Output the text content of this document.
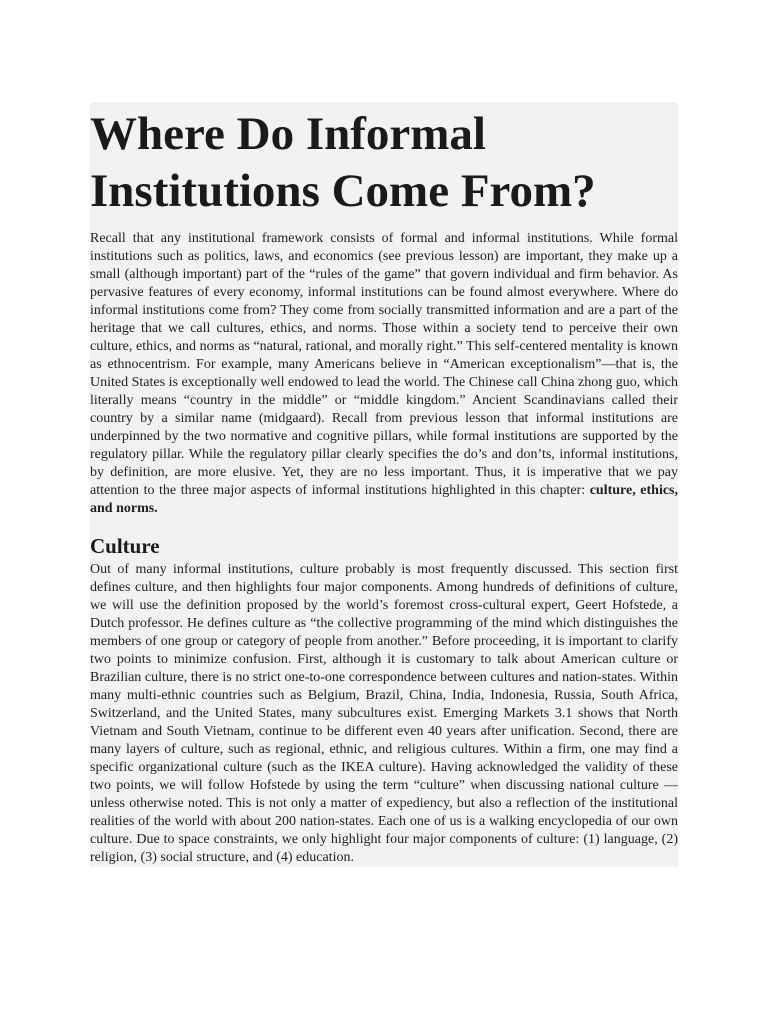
Where Do Informal Institutions Come From?

Recall that any institutional framework consists of formal and informal institutions. While formal institutions such as politics, laws, and economics (see previous lesson) are important, they make up a small (although important) part of the “rules of the game” that govern individual and firm behavior. As pervasive features of every economy, informal institutions can be found almost everywhere. Where do informal institutions come from? They come from socially transmitted information and are a part of the heritage that we call cultures, ethics, and norms. Those within a society tend to perceive their own culture, ethics, and norms as “natural, rational, and morally right.” This self-centered mentality is known as ethnocentrism. For example, many Americans believe in “American exceptionalism”—that is, the United States is exceptionally well endowed to lead the world. The Chinese call China zhong guo, which literally means “country in the middle” or “middle kingdom.” Ancient Scandinavians called their country by a similar name (midgaard). Recall from previous lesson that informal institutions are underpinned by the two normative and cognitive pillars, while formal institutions are supported by the regulatory pillar. While the regulatory pillar clearly specifies the do’s and don’ts, informal institutions, by definition, are more elusive. Yet, they are no less important. Thus, it is imperative that we pay attention to the three major aspects of informal institutions highlighted in this chapter: culture, ethics, and norms.

Culture

Out of many informal institutions, culture probably is most frequently discussed. This section first defines culture, and then highlights four major components. Among hundreds of definitions of culture, we will use the definition proposed by the world’s foremost cross-cultural expert, Geert Hofstede, a Dutch professor. He defines culture as “the collective programming of the mind which distinguishes the members of one group or category of people from another.” Before proceeding, it is important to clarify two points to minimize confusion. First, although it is customary to talk about American culture or Brazilian culture, there is no strict one-to-one correspondence between cultures and nation-states. Within many multi-ethnic countries such as Belgium, Brazil, China, India, Indonesia, Russia, South Africa, Switzerland, and the United States, many subcultures exist. Emerging Markets 3.1 shows that North Vietnam and South Vietnam, continue to be different even 40 years after unification. Second, there are many layers of culture, such as regional, ethnic, and religious cultures. Within a firm, one may find a specific organizational culture (such as the IKEA culture). Having acknowledged the validity of these two points, we will follow Hofstede by using the term “culture” when discussing national culture —unless otherwise noted. This is not only a matter of expediency, but also a reflection of the institutional realities of the world with about 200 nation-states. Each one of us is a walking encyclopedia of our own culture. Due to space constraints, we only highlight four major components of culture: (1) language, (2) religion, (3) social structure, and (4) education.
